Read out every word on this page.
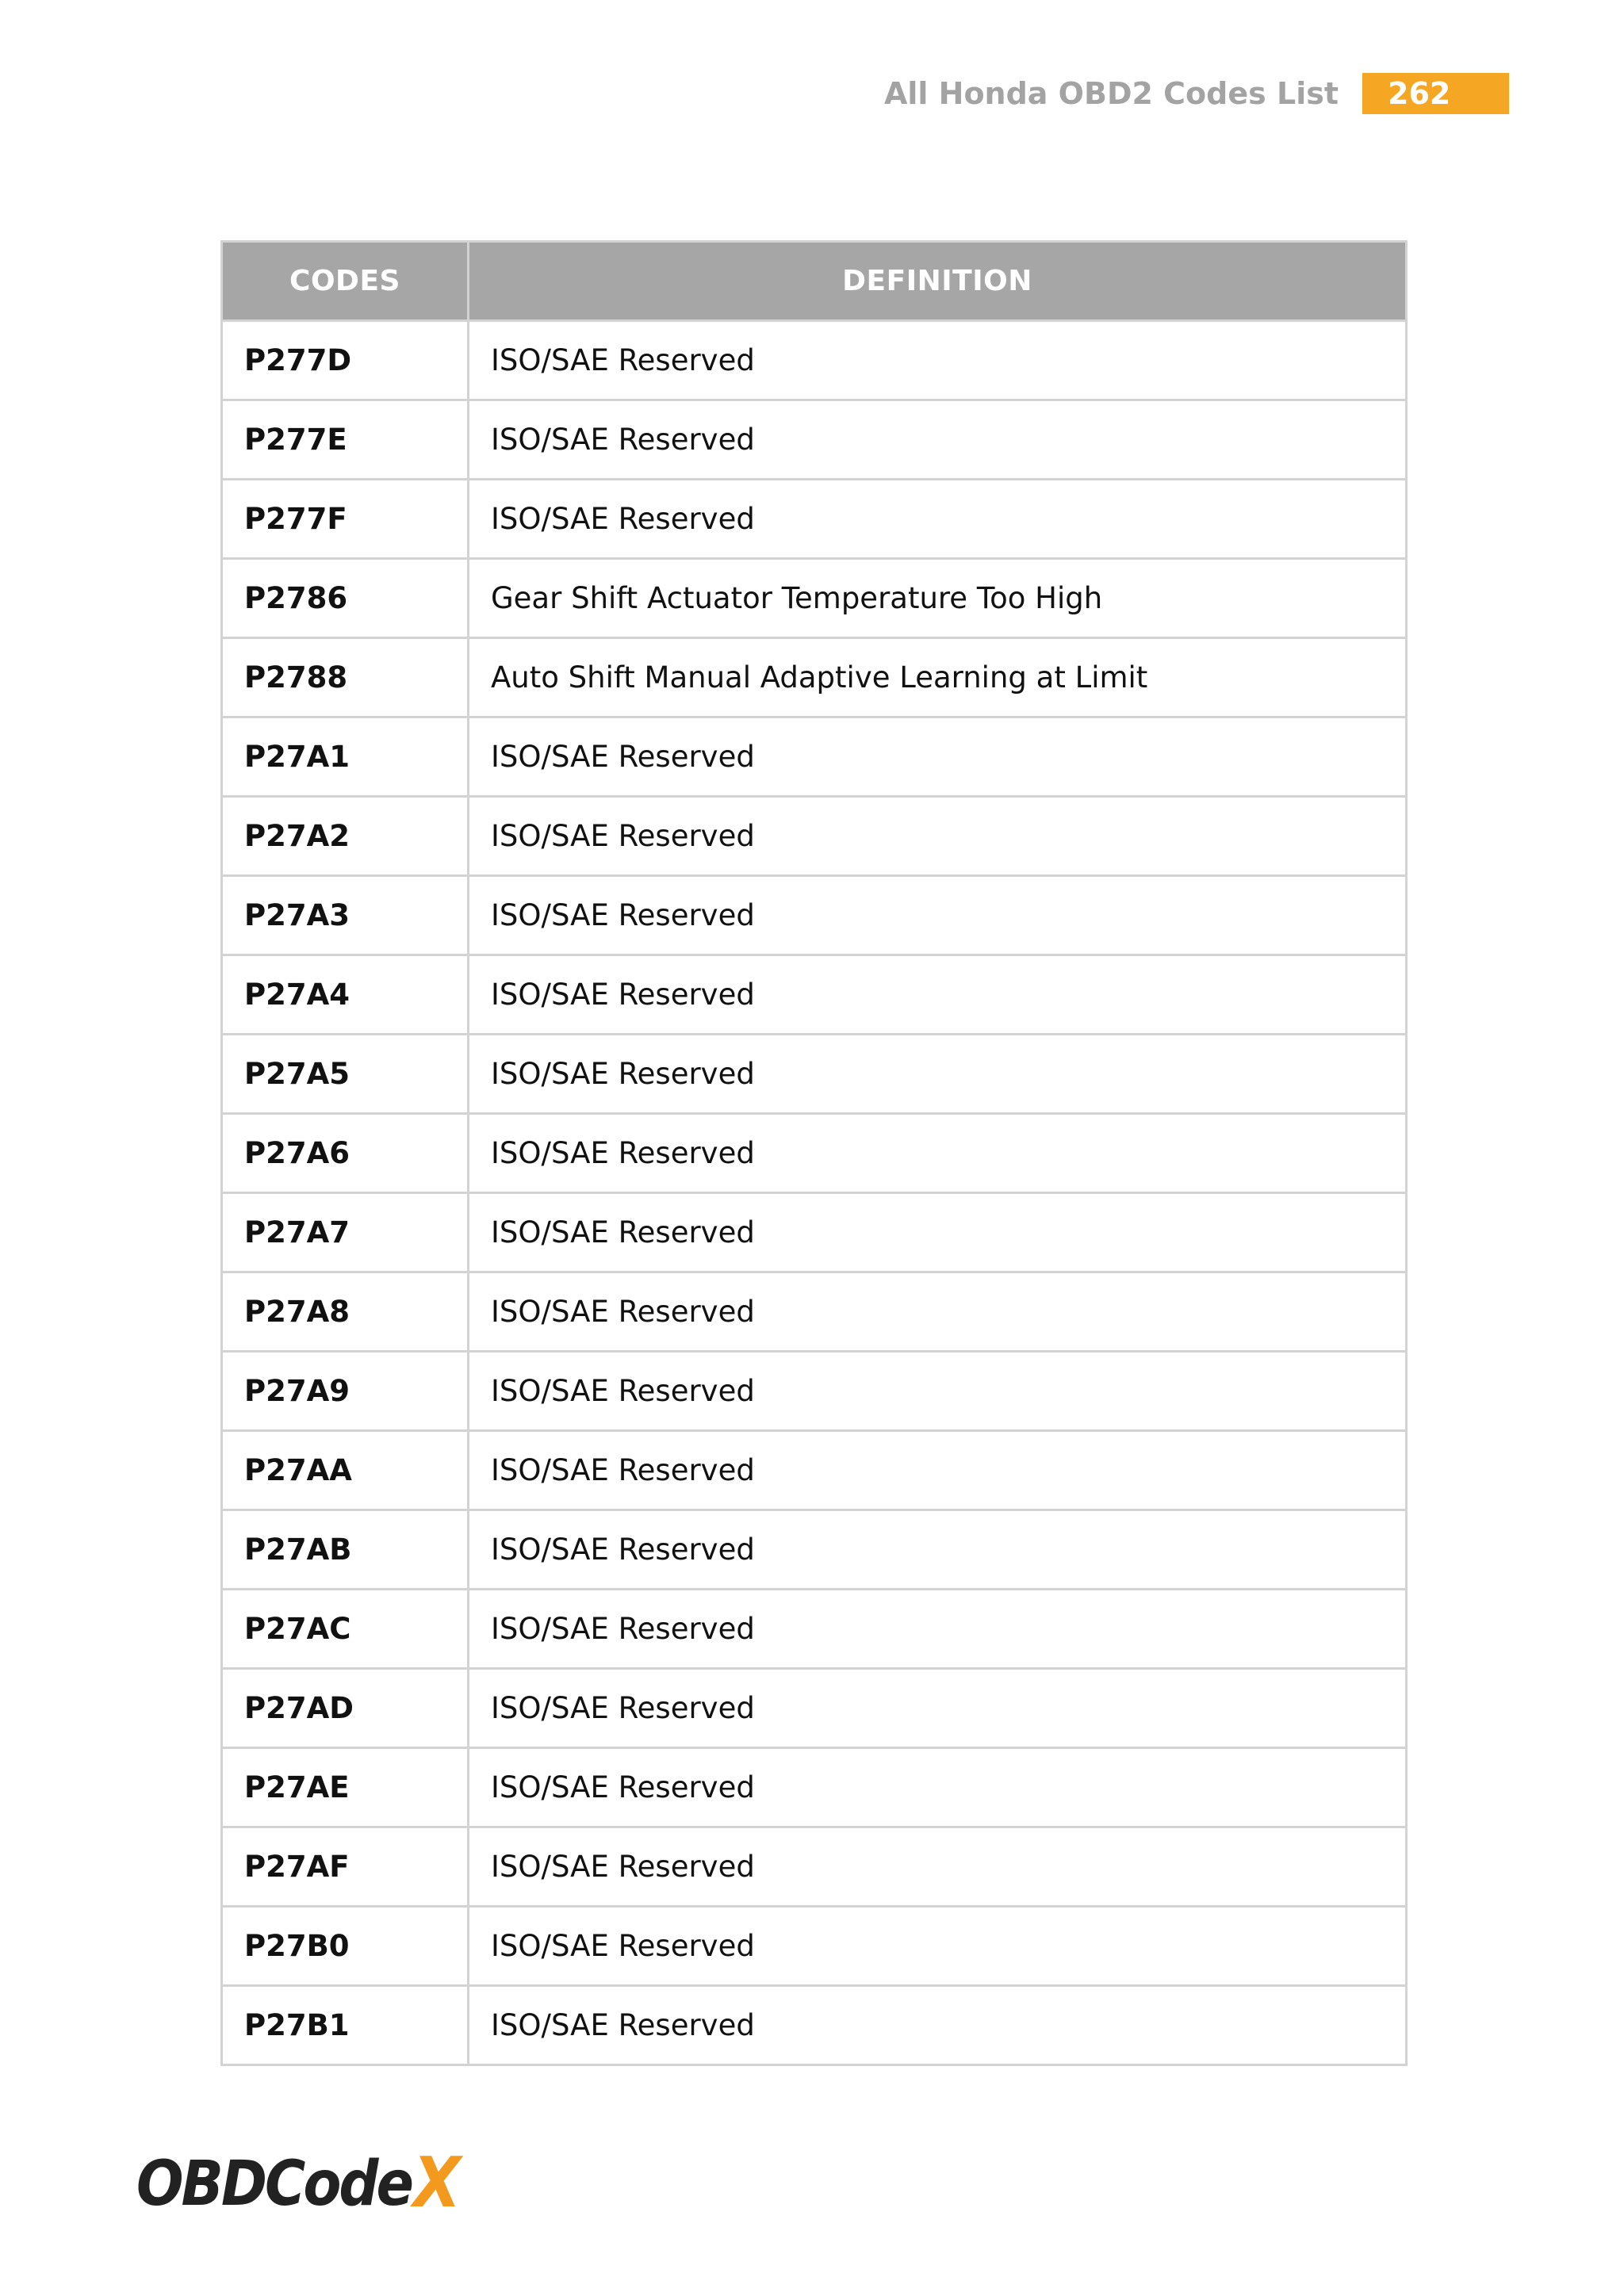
All Honda OBD2 Codes List	262
CODES	DEFINITION
P277D	ISO/SAE Reserved
P277E	ISO/SAE Reserved
P277F	ISO/SAE Reserved
P2786	Gear Shift Actuator Temperature Too High
P2788	Auto Shift Manual Adaptive Learning at Limit
P27A1	ISO/SAE Reserved
P27A2	ISO/SAE Reserved
P27A3	ISO/SAE Reserved
P27A4	ISO/SAE Reserved
P27A5	ISO/SAE Reserved
P27A6	ISO/SAE Reserved
P27A7	ISO/SAE Reserved
P27A8	ISO/SAE Reserved
P27A9	ISO/SAE Reserved
P27AA	ISO/SAE Reserved
P27AB	ISO/SAE Reserved
P27AC	ISO/SAE Reserved
P27AD	ISO/SAE Reserved
P27AE	ISO/SAE Reserved
P27AF	ISO/SAE Reserved
P27B0	ISO/SAE Reserved
P27B1	ISO/SAE Reserved
OBDCode X
